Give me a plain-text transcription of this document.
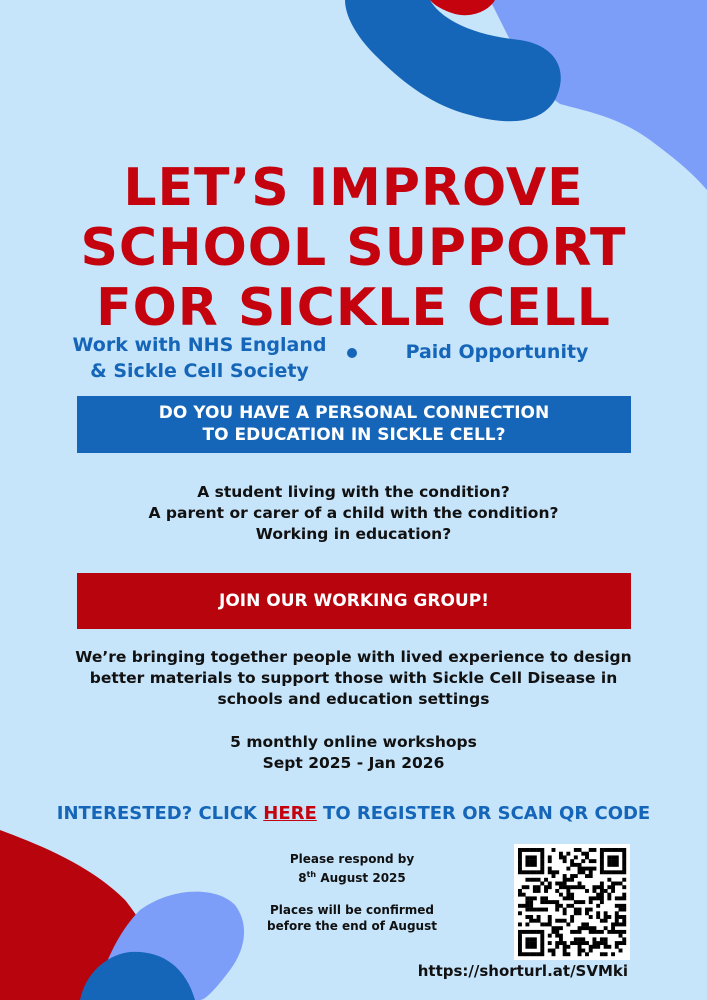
LET’S IMPROVE
SCHOOL SUPPORT
FOR SICKLE CELL
Work with NHS England
& Sickle Cell Society
Paid Opportunity
DO YOU HAVE A PERSONAL CONNECTION
TO EDUCATION IN SICKLE CELL?
A student living with the condition?
A parent or carer of a child with the condition?
Working in education?
JOIN OUR WORKING GROUP!
We’re bringing together people with lived experience to design
better materials to support those with Sickle Cell Disease in
schools and education settings
5 monthly online workshops
Sept 2025 - Jan 2026
INTERESTED? CLICK HERE TO REGISTER OR SCAN QR CODE
Please respond by
8th August 2025
Places will be confirmed
before the end of August
https://shorturl.at/SVMki
